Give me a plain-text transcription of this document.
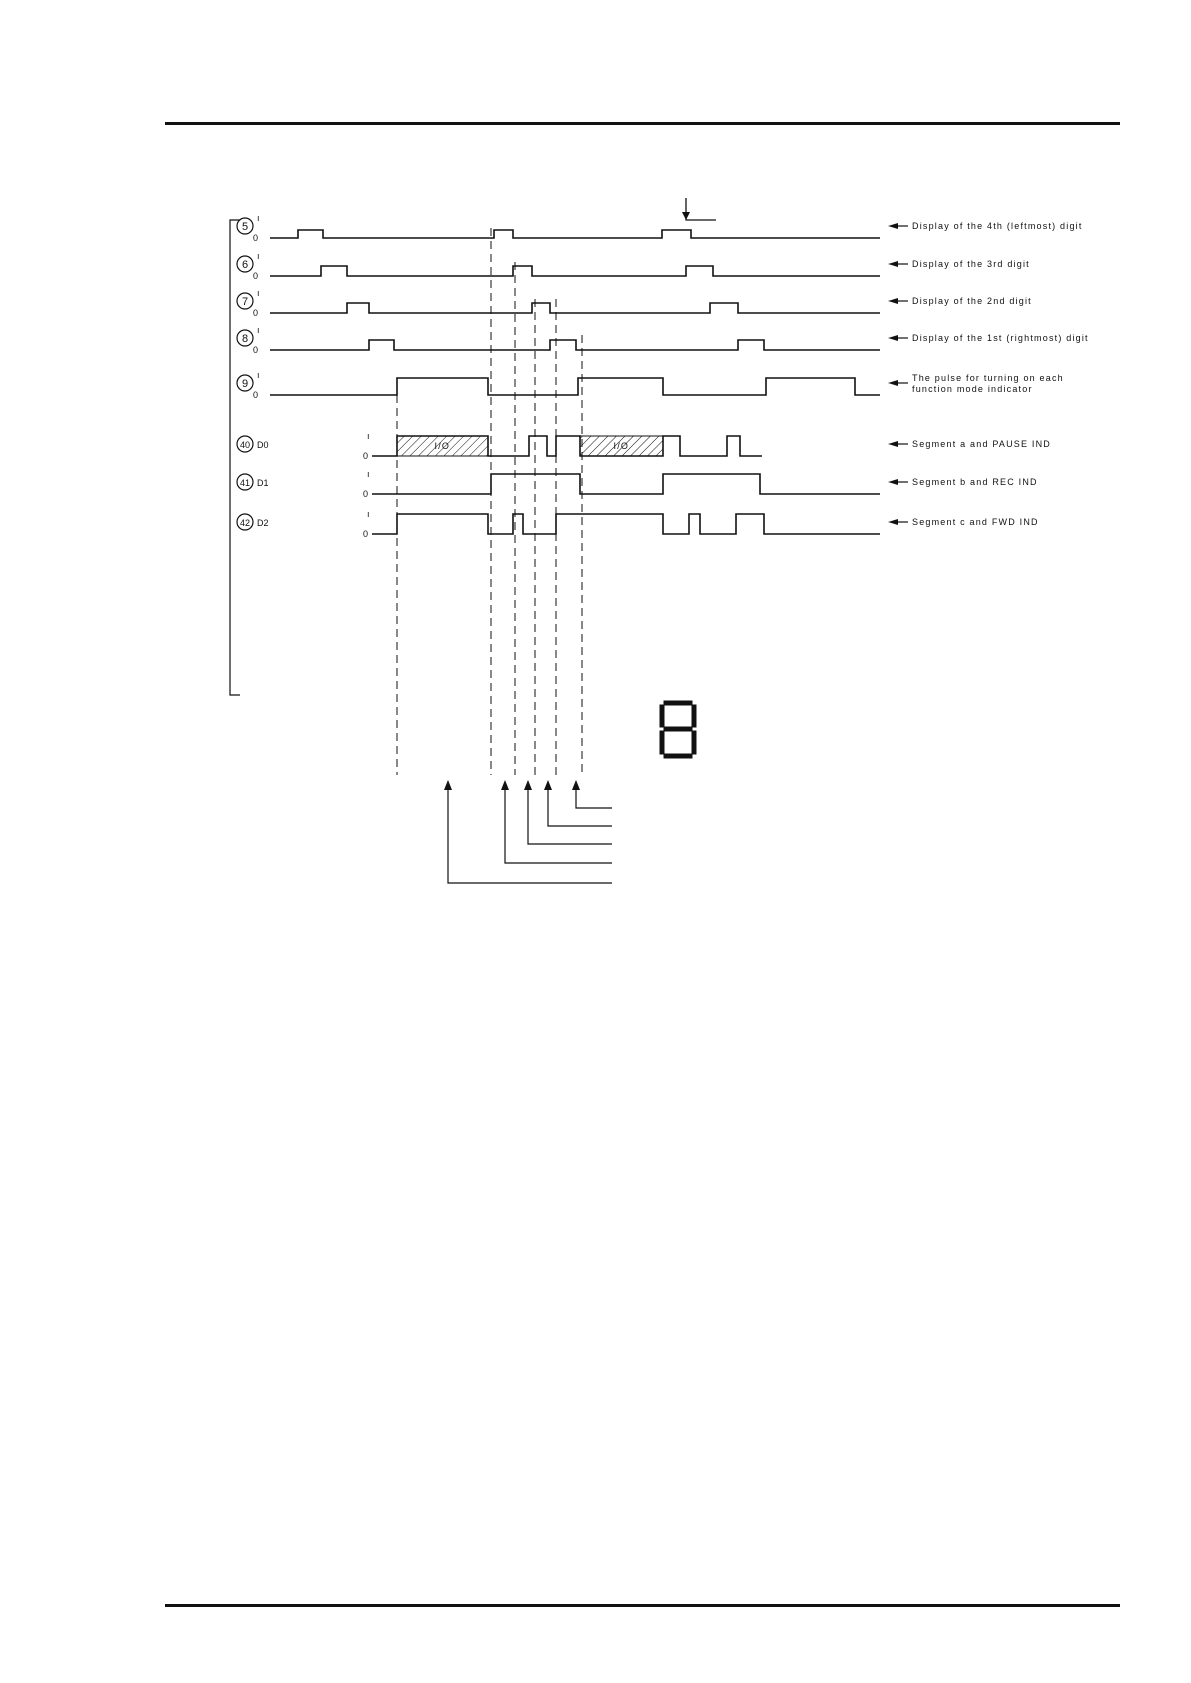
5
ı
0
Display of the 4th (leftmost) digit
6
ı
0
Display of the 3rd digit
7
ı
0
Display of the 2nd digit
8
ı
0
Display of the 1st (rightmost) digit
9
ı
0
The pulse for turning on each
function mode indicator
I/O	I/O
40 D0
ı
0
Segment a and PAUSE IND
41 D1
ı
0
Segment b and REC IND
42 D2
ı
0
Segment c and FWD IND
